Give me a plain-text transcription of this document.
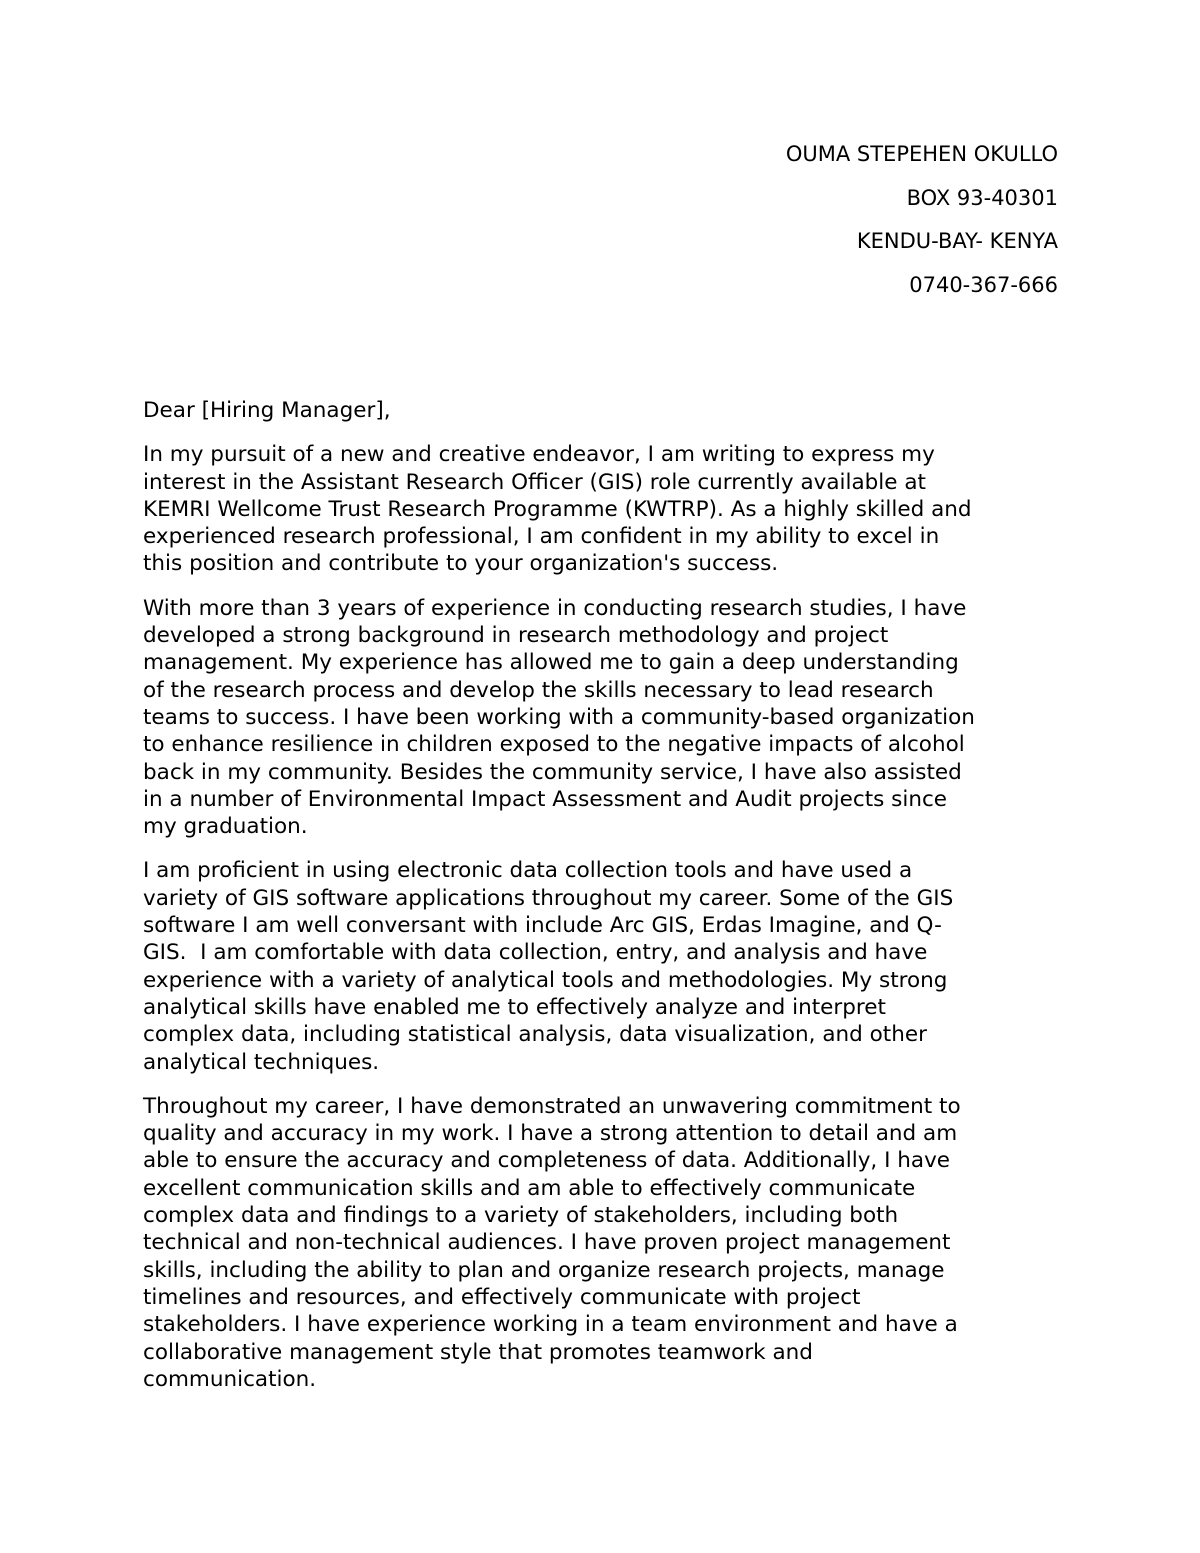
OUMA STEPEHEN OKULLO
BOX 93-40301
KENDU-BAY- KENYA
0740-367-666

Dear [Hiring Manager],

In my pursuit of a new and creative endeavor, I am writing to express my
interest in the Assistant Research Officer (GIS) role currently available at
KEMRI Wellcome Trust Research Programme (KWTRP). As a highly skilled and
experienced research professional, I am confident in my ability to excel in
this position and contribute to your organization's success.

With more than 3 years of experience in conducting research studies, I have
developed a strong background in research methodology and project
management. My experience has allowed me to gain a deep understanding
of the research process and develop the skills necessary to lead research
teams to success. I have been working with a community-based organization
to enhance resilience in children exposed to the negative impacts of alcohol
back in my community. Besides the community service, I have also assisted
in a number of Environmental Impact Assessment and Audit projects since
my graduation.

I am proficient in using electronic data collection tools and have used a
variety of GIS software applications throughout my career. Some of the GIS
software I am well conversant with include Arc GIS, Erdas Imagine, and Q-
GIS.  I am comfortable with data collection, entry, and analysis and have
experience with a variety of analytical tools and methodologies. My strong
analytical skills have enabled me to effectively analyze and interpret
complex data, including statistical analysis, data visualization, and other
analytical techniques.

Throughout my career, I have demonstrated an unwavering commitment to
quality and accuracy in my work. I have a strong attention to detail and am
able to ensure the accuracy and completeness of data. Additionally, I have
excellent communication skills and am able to effectively communicate
complex data and findings to a variety of stakeholders, including both
technical and non-technical audiences. I have proven project management
skills, including the ability to plan and organize research projects, manage
timelines and resources, and effectively communicate with project
stakeholders. I have experience working in a team environment and have a
collaborative management style that promotes teamwork and
communication.
